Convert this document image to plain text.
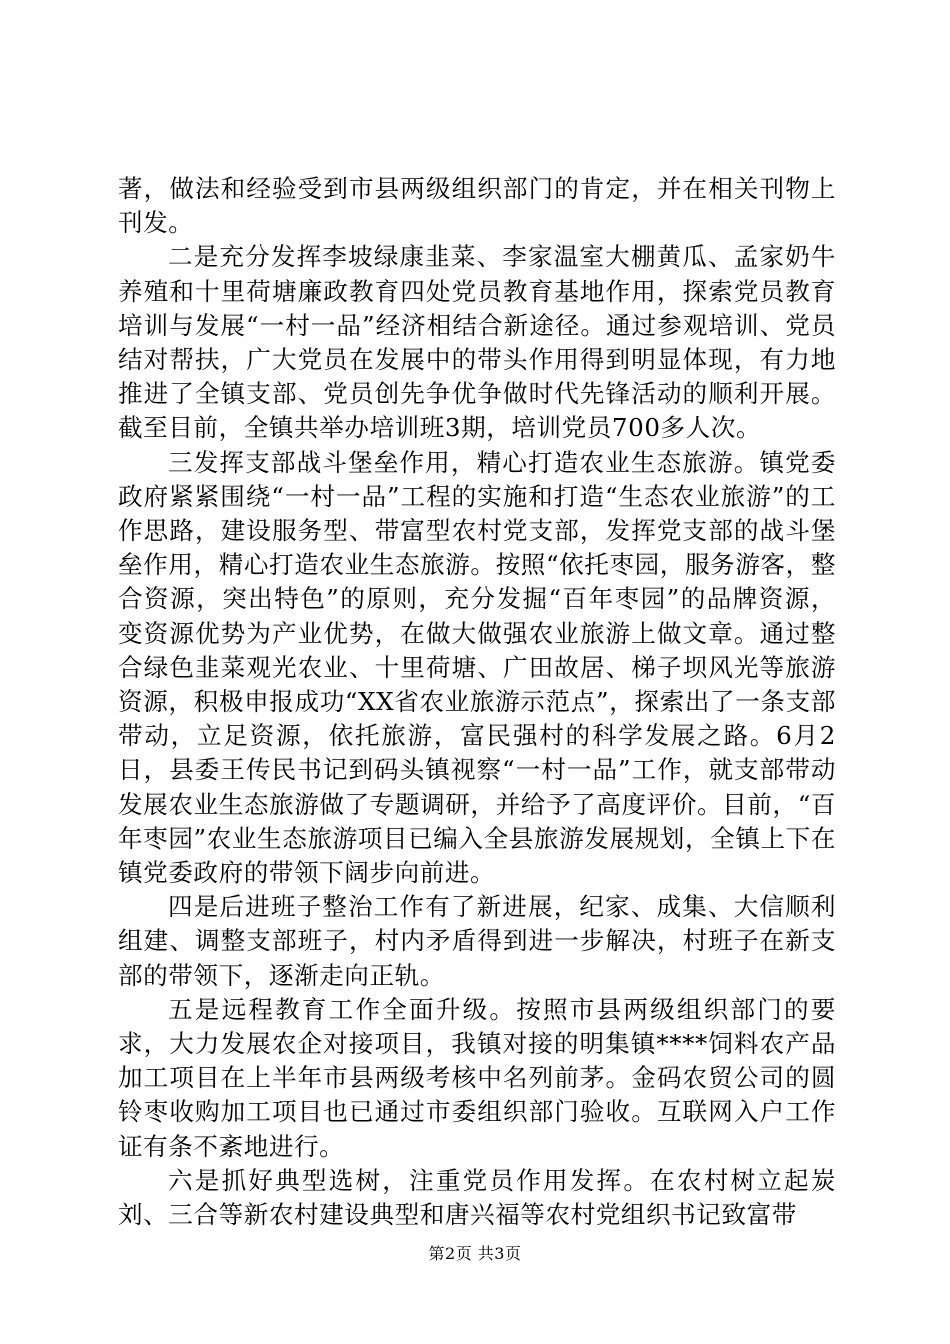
著，做法和经验受到市县两级组织部门的肯定，并在相关刊物上刊发。

二是充分发挥李坡绿康韭菜、李家温室大棚黄瓜、孟家奶牛养殖和十里荷塘廉政教育四处党员教育基地作用，探索党员教育培训与发展“一村一品”经济相结合新途径。通过参观培训、党员结对帮扶，广大党员在发展中的带头作用得到明显体现，有力地推进了全镇支部、党员创先争优争做时代先锋活动的顺利开展。截至目前，全镇共举办培训班3期，培训党员700多人次。

三发挥支部战斗堡垒作用，精心打造农业生态旅游。镇党委政府紧紧围绕“一村一品”工程的实施和打造“生态农业旅游”的工作思路，建设服务型、带富型农村党支部，发挥党支部的战斗堡垒作用，精心打造农业生态旅游。按照“依托枣园，服务游客，整合资源，突出特色”的原则，充分发掘“百年枣园”的品牌资源，变资源优势为产业优势，在做大做强农业旅游上做文章。通过整合绿色韭菜观光农业、十里荷塘、广田故居、梯子坝风光等旅游资源，积极申报成功“XX省农业旅游示范点”，探索出了一条支部带动，立足资源，依托旅游，富民强村的科学发展之路。6月2日，县委王传民书记到码头镇视察“一村一品”工作，就支部带动发展农业生态旅游做了专题调研，并给予了高度评价。目前，“百年枣园”农业生态旅游项目已编入全县旅游发展规划，全镇上下在镇党委政府的带领下阔步向前进。

四是后进班子整治工作有了新进展，纪家、成集、大信顺利组建、调整支部班子，村内矛盾得到进一步解决，村班子在新支部的带领下，逐渐走向正轨。

五是远程教育工作全面升级。按照市县两级组织部门的要求，大力发展农企对接项目，我镇对接的明集镇****饲料农产品加工项目在上半年市县两级考核中名列前茅。金码农贸公司的圆铃枣收购加工项目也已通过市委组织部门验收。互联网入户工作证有条不紊地进行。

六是抓好典型选树，注重党员作用发挥。在农村树立起炭刘、三合等新农村建设典型和唐兴福等农村党组织书记致富带

第2页 共3页
